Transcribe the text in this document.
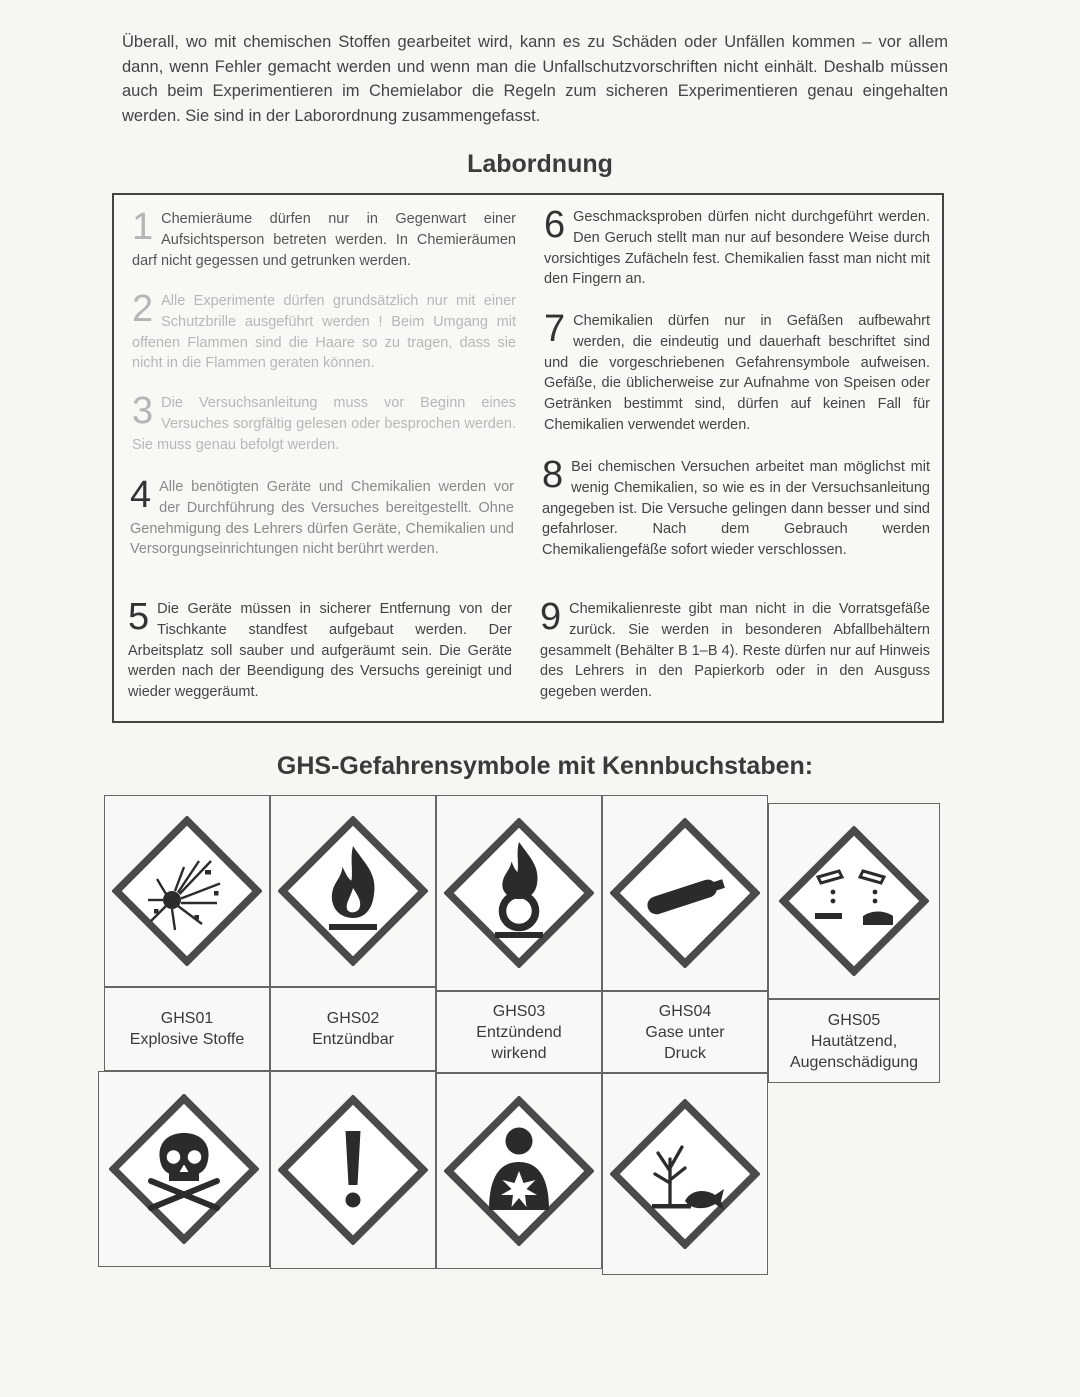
Überall, wo mit chemischen Stoffen gearbeitet wird, kann es zu Schäden oder Unfällen kommen – vor allem dann, wenn Fehler gemacht werden und wenn man die Unfallschutzvorschriften nicht einhält. Deshalb müssen auch beim Experimentieren im Chemielabor die Regeln zum sicheren Experimentieren genau eingehalten werden. Sie sind in der Laborordnung zusammengefasst.
Labordnung
1 Chemieräume dürfen nur in Gegenwart einer Aufsichtsperson betreten werden. In Chemieräumen darf nicht gegessen und getrunken werden.
2 Alle Experimente dürfen grundsätzlich nur mit einer Schutzbrille ausgeführt werden ! Beim Umgang mit offenen Flammen sind die Haare so zu tragen, dass sie nicht in die Flammen geraten können.
3 Die Versuchsanleitung muss vor Beginn eines Versuches sorgfältig gelesen oder besprochen werden. Sie muss genau befolgt werden.
4 Alle benötigten Geräte und Chemikalien werden vor der Durchführung des Versuches bereitgestellt. Ohne Genehmigung des Lehrers dürfen Geräte, Chemikalien und Versorgungseinrichtungen nicht berührt werden.
5 Die Geräte müssen in sicherer Entfernung von der Tischkante standfest aufgebaut werden. Der Arbeitsplatz soll sauber und aufgeräumt sein. Die Geräte werden nach der Beendigung des Versuchs gereinigt und wieder weggeräumt.
6 Geschmacksproben dürfen nicht durchgeführt werden. Den Geruch stellt man nur auf besondere Weise durch vorsichtiges Zufächeln fest. Chemikalien fasst man nicht mit den Fingern an.
7 Chemikalien dürfen nur in Gefäßen aufbewahrt werden, die eindeutig und dauerhaft beschriftet sind und die vorgeschriebenen Gefahrensymbole aufweisen. Gefäße, die üblicherweise zur Aufnahme von Speisen oder Getränken bestimmt sind, dürfen auf keinen Fall für Chemikalien verwendet werden.
8 Bei chemischen Versuchen arbeitet man möglichst mit wenig Chemikalien, so wie es in der Versuchsanleitung angegeben ist. Die Versuche gelingen dann besser und sind gefahrloser. Nach dem Gebrauch werden Chemikaliengefäße sofort wieder verschlossen.
9 Chemikalienreste gibt man nicht in die Vorratsgefäße zurück. Sie werden in besonderen Abfallbehältern gesammelt (Behälter B 1–B 4). Reste dürfen nur auf Hinweis des Lehrers in den Papierkorb oder in den Ausguss gegeben werden.
GHS-Gefahrensymbole mit Kennbuchstaben:
GHS01
Explosive Stoffe
GHS02
Entzündbar
GHS03
Entzündend wirkend
GHS04
Gase unter Druck
GHS05
Hautätzend, Augenschädigung
